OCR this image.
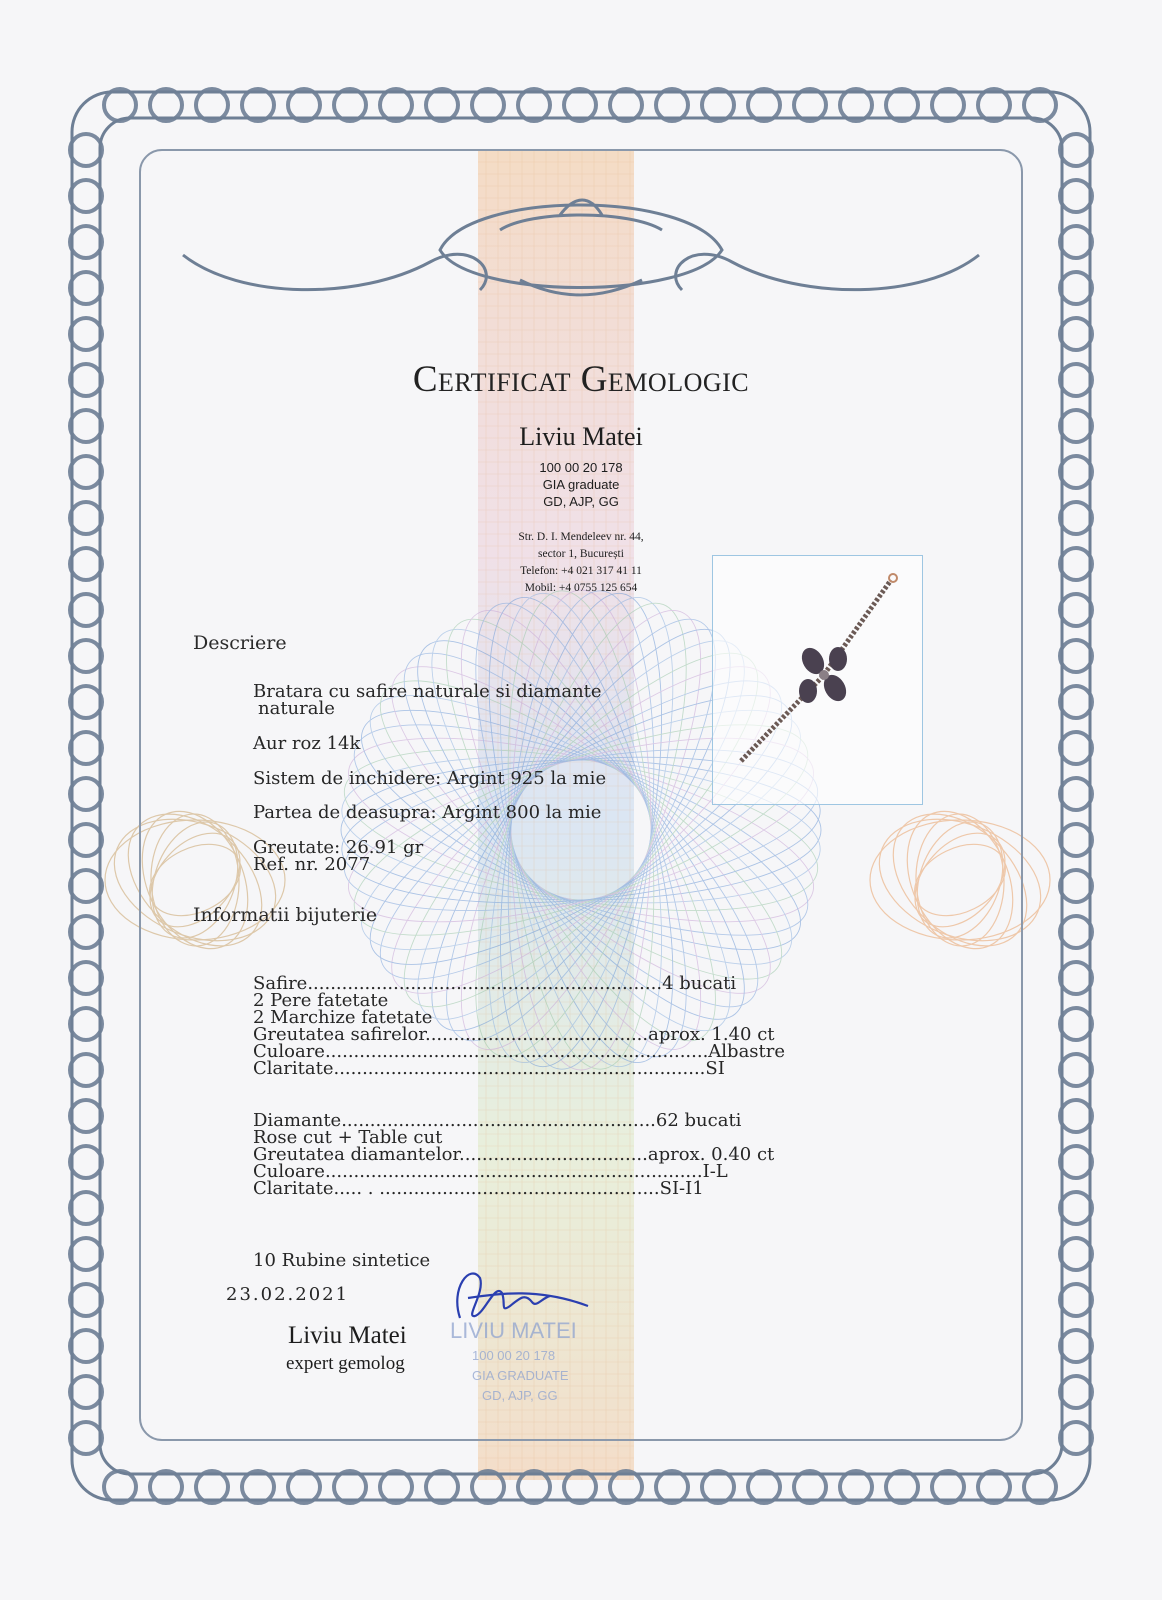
Certificat Gemologic
Liviu Matei
100 00 20 178
GIA graduate
GD, AJP, GG
Str. D. I. Mendeleev nr. 44,
sector 1, București
Telefon: +4 021 317 41 11
Mobil: +4 0755 125 654
Descriere
Bratara cu safire naturale si diamante
naturale
Aur roz 14k
Sistem de inchidere: Argint 925 la mie
Partea de deasupra: Argint 800 la mie
Greutate: 26.91 gr
Ref. nr. 2077
Informatii bijuterie
Safire..............................................................4 bucati
2 Pere fatetate
2 Marchize fatetate
Greutatea safirelor.......................................aprox. 1.40 ct
Culoare...................................................................Albastre
Claritate.................................................................SI
Diamante.......................................................62 bucati
Rose cut + Table cut
Greutatea diamantelor.................................aprox. 0.40 ct
Culoare..................................................................I-L
Claritate..... . .................................................SI-I1
10 Rubine sintetice
23.02.2021
Liviu Matei
expert gemolog
LIVIU MATEI
100 00 20 178
GIA GRADUATE
GD, AJP, GG
